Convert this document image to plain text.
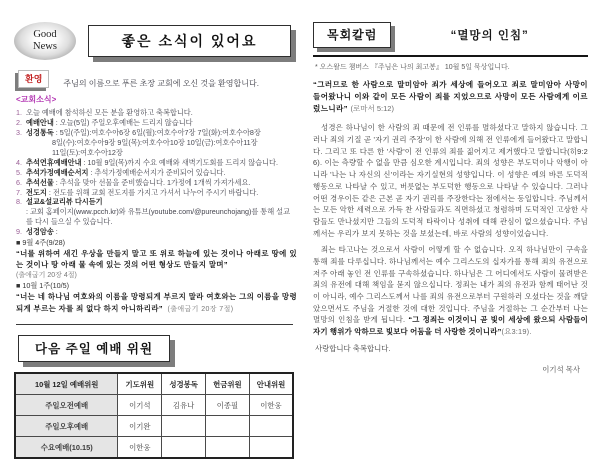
Good
News	좋은 소식이 있어요
환영	주님의 이름으로 푸른 초장 교회에 오신 것을 환영합니다.
<교회소식>
1. 오늘 예배에 참석하신 모든 분을 환영하고 축복합니다.
2. 예배안내 : 오늘(5일) 주일오후예배는 드리지 않습니다
3. 성경통독 : 5일(주일):여호수아6장 6일(월):여호수아7장 7일(화):여호수아8장
8일(수):여호수아9장 9일(목):여호수아10장 10일(금):여호수아11장
11일(토):여호수아12장
4. 추석연휴예배안내 : 10월 9일(목)까지 수요 예배와 새벽기도회를 드리지 않습니다.
5. 추석가정예배순서지 : 추석가정예배순서지가 준비되어 있습니다.
6. 추석선물 : 추석을 맞아 선물을 준비했습니다. 1가정에 1개씩 가져가세요.
7. 전도지 : 전도를 위해 교회 전도지를 가지고 가셔서 나누어 주시기 바랍니다.
8. 설교&설교리뷰 다시듣기
: 교회 홈페이지(www.pcch.kr)와 유튜브(youtube.com/@pureunchojang)를 통해 설교
를 다시 들으실 수 있습니다.
9. 성경암송 :
■ 9월 4주(9/28)
“너를 위하여 새긴 우상을 만들지 말고 또 위로 하늘에 있는 것이나 아래로 땅에 있는 것이나 땅 아래 물 속에 있는 것의 어떤 형상도 만들지 말며”
(출애굽기 20장 4절)
■ 10월 1주(10/5)
“너는 네 하나님 여호와의 이름을 망령되게 부르지 말라 여호와는 그의 이름을 망령되게 부르는 자를 죄 없다 하지 아니하리라” (출애굽기 20장 7절)
다음 주일 예배 위원
10월 12일 예배위원	기도위원	성경봉독	헌금위원	안내위원
주일오전예배	이기석	김유나	이종필	이한웅
주일오후예배	이기완			
수요예배(10.15)	이한웅			
목회칼럼	“멸망의 인침”
* 오스왈드 챔버스 『주님은 나의 최고봉』 10월 5일 묵상입니다.

“그러므로 한 사람으로 말미암아 죄가 세상에 들어오고 죄로 말미암아 사망이 들어왔나니 이와 같이 모든 사람이 죄를 지었으므로 사망이 모든 사람에게 이르렀느니라” (로마서 5:12)

성경은 하나님이 한 사람의 죄 때문에 전 인류를 멸하셨다고 말하지 않습니다. 그러나 죄의 기질 곧 '자기 권리 주장'이 한 사람에 의해 전 인류에게 들어왔다고 말합니다. 그리고 또 다른 한 '사람'이 전 인류의 죄를 짊어지고 제거했다고 말합니다(히9:26). 이는 측량할 수 없을 만큼 심오한 계시입니다. 죄의 성향은 부도덕이나 악행이 아니라 '나는 나 자신의 신'이라는 자기실현의 성향입니다. 이 성향은 예의 바른 도덕적 행동으로 나타날 수 있고, 버릇없는 부도덕한 행동으로 나타날 수 있습니다. 그러나 어떤 경우이든 같은 근본 곧 자기 권리를 주장한다는 점에서는 동일합니다. 주님께서는 모든 악한 세력으로 가득 찬 사람들과도 직면하셨고 청렴하며 도덕적인 고상한 사람들도 만나셨지만 그들의 도덕적 타락이나 성취에 대해 관심이 없으셨습니다. 주님께서는 우리가 보지 못하는 것을 보셨는데, 바로 사람의 성향이었습니다.

죄는 타고나는 것으로서 사람이 어떻게 할 수 없습니다. 오직 하나님만이 구속을 통해 죄를 다루십니다. 하나님께서는 예수 그리스도의 십자가를 통해 죄의 유전으로 저주 아래 놓인 전 인류를 구속하셨습니다. 하나님은 그 어디에서도 사람이 물려받은 죄의 유전에 대해 책임을 묻지 않으십니다. 정죄는 내가 죄의 유전과 함께 태어난 것이 아니라, 예수 그리스도께서 나를 죄의 유전으로부터 구원하러 오셨다는 것을 깨달았으면서도 주님을 거절한 것에 대한 것입니다. 주님을 거절하는 그 순간부터 나는 멸망의 인침을 받게 됩니다. “그 정죄는 이것이니 곧 빛이 세상에 왔으되 사람들이 자기 행위가 악하므로 빛보다 어둠을 더 사랑한 것이니라”(요3:19).

사랑합니다 축복합니다.

이기석 목사
